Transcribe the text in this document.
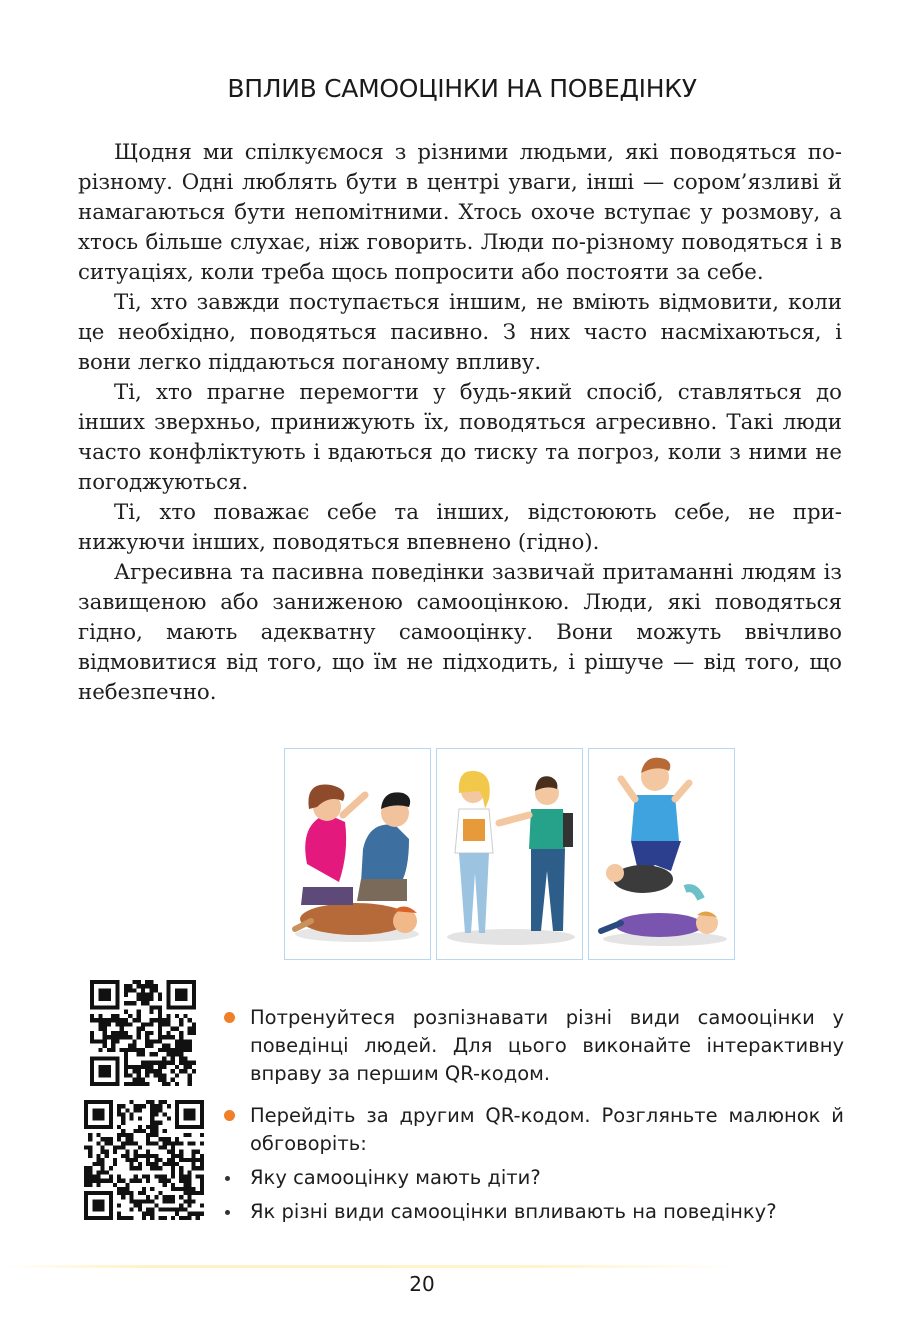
ВПЛИВ САМООЦІНКИ НА ПОВЕДІНКУ

Щодня ми спілкуємося з різними людьми, які поводяться по-різному. Одні люблять бути в центрі уваги, інші — сором’язливі й намагаються бути непомітними. Хтось охоче вступає у розмову, а хтось більше слухає, ніж говорить. Люди по-різному поводяться і в ситуаціях, коли треба щось попросити або постояти за себе.

Ті, хто завжди поступається іншим, не вміють відмовити, коли це необхідно, поводяться пасивно. З них часто насміхаються, і вони легко піддаються поганому впливу.

Ті, хто прагне перемогти у будь-який спосіб, ставляться до інших зверхньо, принижують їх, поводяться агресивно. Такі люди часто конфліктують і вдаються до тиску та погроз, коли з ними не погоджуються.

Ті, хто поважає себе та інших, відстоюють себе, не принижуючи інших, поводяться впевнено (гідно).

Агресивна та пасивна поведінки зазвичай притаманні людям із завищеною або заниженою самооцінкою. Люди, які поводяться гідно, мають адекватну самооцінку. Вони можуть ввічливо відмовитися від того, що їм не підходить, і рішуче — від того, що небезпечно.

Потренуйтеся розпізнавати різні види самооцінки у поведінці людей. Для цього виконайте інтерактивну вправу за першим QR-кодом.
Перейдіть за другим QR-кодом. Розгляньте малюнок й обговоріть:
Яку самооцінку мають діти?
Як різні види самооцінки впливають на поведінку?
20
